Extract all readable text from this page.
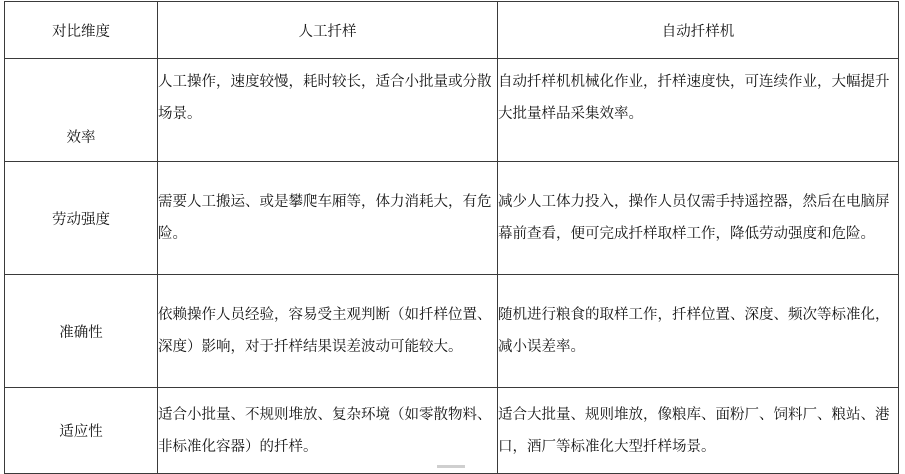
对比维度	人工扦样	自动扦样机
效率	人工操作，速度较慢，耗时较长，适合小批量或分散场景。	自动扦样机机械化作业，扦样速度快，可连续作业，大幅提升大批量样品采集效率。
劳动强度	需要人工搬运、或是攀爬车厢等，体力消耗大，有危险。	减少人工体力投入，操作人员仅需手持遥控器，然后在电脑屏幕前查看，便可完成扦样取样工作，降低劳动强度和危险。
准确性	依赖操作人员经验，容易受主观判断（如扦样位置、深度）影响，对于扦样结果误差波动可能较大。	随机进行粮食的取样工作，扦样位置、深度、频次等标准化，减小误差率。
适应性	适合小批量、不规则堆放、复杂环境（如零散物料、非标准化容器）的扦样。	适合大批量、规则堆放，像粮库、面粉厂、饲料厂、粮站、港口，酒厂等标准化大型扦样场景。
